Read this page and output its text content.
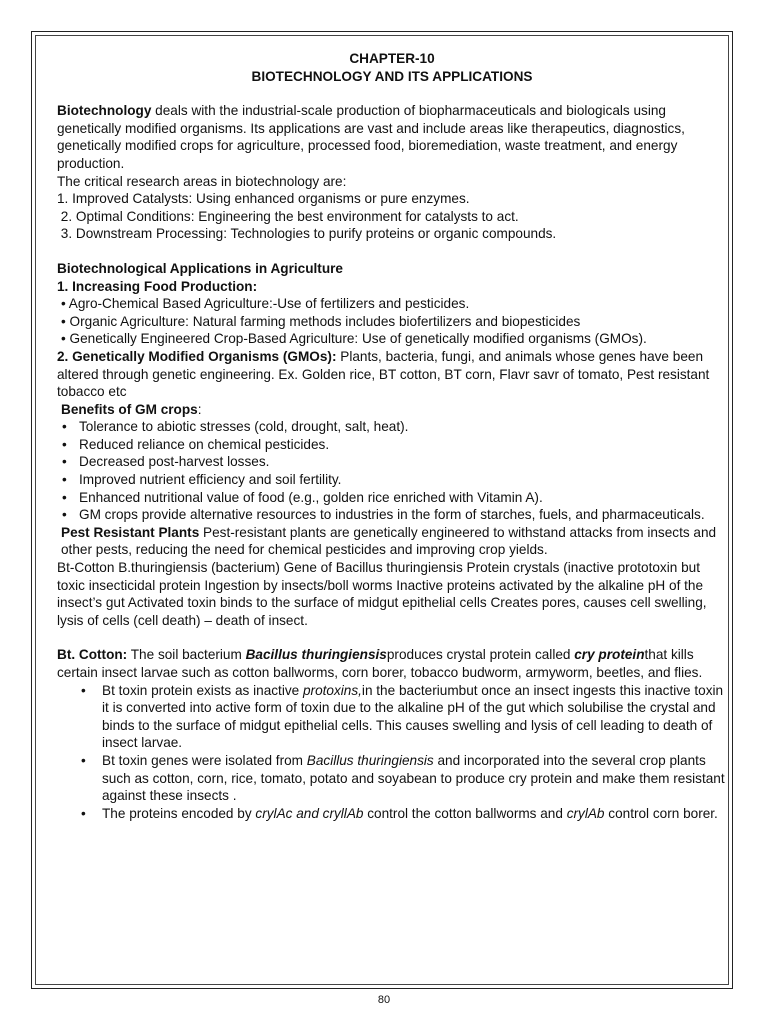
CHAPTER-10
BIOTECHNOLOGY AND ITS APPLICATIONS

Biotechnology deals with the industrial-scale production of biopharmaceuticals and biologicals using genetically modified organisms. Its applications are vast and include areas like therapeutics, diagnostics, genetically modified crops for agriculture, processed food, bioremediation, waste treatment, and energy production.

The critical research areas in biotechnology are:

1. Improved Catalysts: Using enhanced organisms or pure enzymes.

2. Optimal Conditions: Engineering the best environment for catalysts to act.

3. Downstream Processing: Technologies to purify proteins or organic compounds.

Biotechnological Applications in Agriculture

1. Increasing Food Production:

• Agro-Chemical Based Agriculture:-Use of fertilizers and pesticides.
• Organic Agriculture: Natural farming methods includes biofertilizers and biopesticides
• Genetically Engineered Crop-Based Agriculture: Use of genetically modified organisms (GMOs).

2. Genetically Modified Organisms (GMOs): Plants, bacteria, fungi, and animals whose genes have been altered through genetic engineering. Ex. Golden rice, BT cotton, BT corn, Flavr savr of tomato, Pest resistant tobacco etc

Benefits of GM crops:

• Tolerance to abiotic stresses (cold, drought, salt, heat).
• Reduced reliance on chemical pesticides.
• Decreased post-harvest losses.
• Improved nutrient efficiency and soil fertility.
• Enhanced nutritional value of food (e.g., golden rice enriched with Vitamin A).
• GM crops provide alternative resources to industries in the form of starches, fuels, and pharmaceuticals.

Pest Resistant Plants Pest-resistant plants are genetically engineered to withstand attacks from insects and other pests, reducing the need for chemical pesticides and improving crop yields.

Bt-Cotton B.thuringiensis (bacterium) Gene of Bacillus thuringiensis Protein crystals (inactive prototoxin but toxic insecticidal protein Ingestion by insects/boll worms Inactive proteins activated by the alkaline pH of the insect’s gut Activated toxin binds to the surface of midgut epithelial cells Creates pores, causes cell swelling, lysis of cells (cell death) – death of insect.

Bt. Cotton: The soil bacterium Bacillus thuringiensisproduces crystal protein called cry proteinthat kills certain insect larvae such as cotton ballworms, corn borer, tobacco budworm, armyworm, beetles, and flies.

• Bt toxin protein exists as inactive protoxins,in the bacteriumbut once an insect ingests this inactive toxin it is converted into active form of toxin due to the alkaline pH of the gut which solubilise the crystal and binds to the surface of midgut epithelial cells. This causes swelling and lysis of cell leading to death of insect larvae.
• Bt toxin genes were isolated from Bacillus thuringiensis and incorporated into the several crop plants such as cotton, corn, rice, tomato, potato and soyabean to produce cry protein and make them resistant against these insects .
• The proteins encoded by crylAc and cryllAb control the cotton ballworms and crylAb control corn borer.
80
